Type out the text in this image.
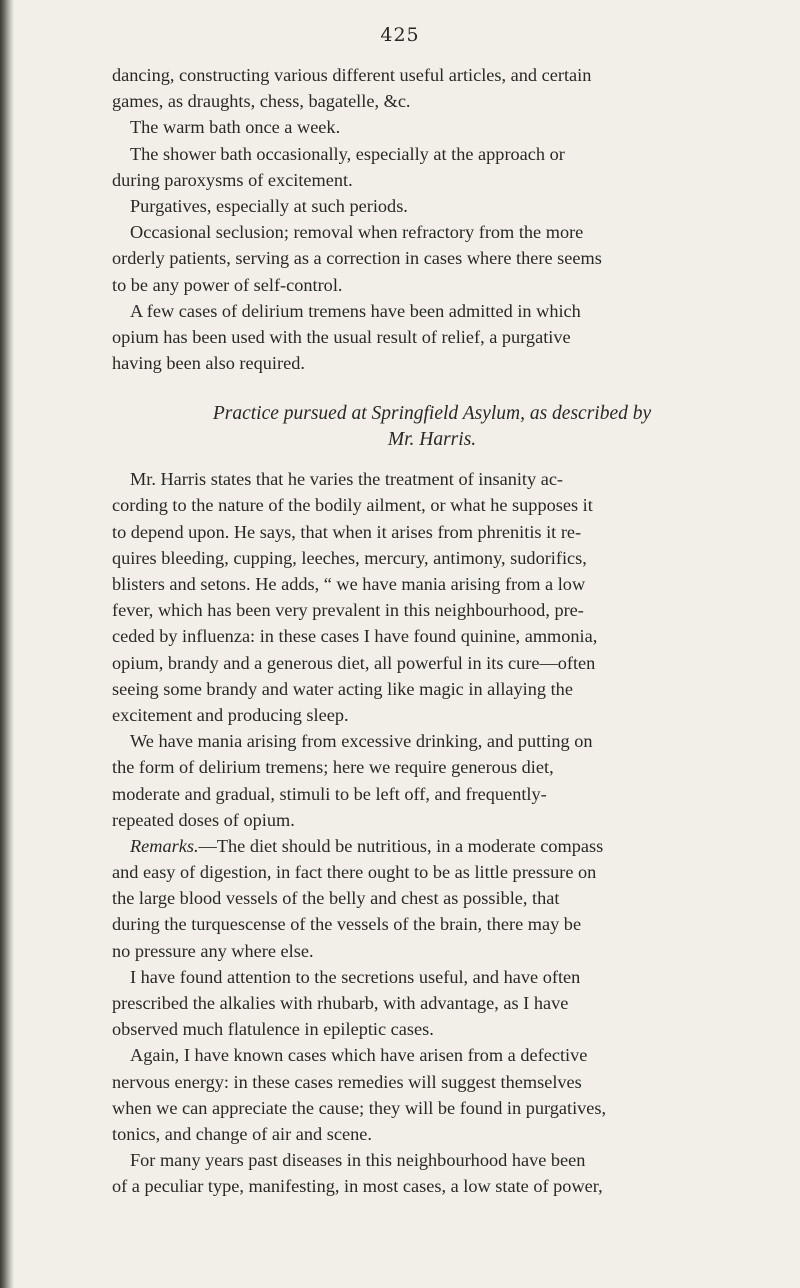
425
dancing, constructing various different useful articles, and certain
games, as draughts, chess, bagatelle, &c.
The warm bath once a week.
The shower bath occasionally, especially at the approach or
during paroxysms of excitement.
Purgatives, especially at such periods.
Occasional seclusion; removal when refractory from the more
orderly patients, serving as a correction in cases where there seems
to be any power of self-control.
A few cases of delirium tremens have been admitted in which
opium has been used with the usual result of relief, a purgative
having been also required.
Practice pursued at Springfield Asylum, as described by
Mr. Harris.
Mr. Harris states that he varies the treatment of insanity ac-
cording to the nature of the bodily ailment, or what he supposes it
to depend upon. He says, that when it arises from phrenitis it re-
quires bleeding, cupping, leeches, mercury, antimony, sudorifics,
blisters and setons. He adds, “ we have mania arising from a low
fever, which has been very prevalent in this neighbourhood, pre-
ceded by influenza: in these cases I have found quinine, ammonia,
opium, brandy and a generous diet, all powerful in its cure—often
seeing some brandy and water acting like magic in allaying the
excitement and producing sleep.
We have mania arising from excessive drinking, and putting on
the form of delirium tremens; here we require generous diet,
moderate and gradual, stimuli to be left off, and frequently-
repeated doses of opium.
Remarks.—The diet should be nutritious, in a moderate compass
and easy of digestion, in fact there ought to be as little pressure on
the large blood vessels of the belly and chest as possible, that
during the turquescense of the vessels of the brain, there may be
no pressure any where else.
I have found attention to the secretions useful, and have often
prescribed the alkalies with rhubarb, with advantage, as I have
observed much flatulence in epileptic cases.
Again, I have known cases which have arisen from a defective
nervous energy: in these cases remedies will suggest themselves
when we can appreciate the cause; they will be found in purgatives,
tonics, and change of air and scene.
For many years past diseases in this neighbourhood have been
of a peculiar type, manifesting, in most cases, a low state of power,
